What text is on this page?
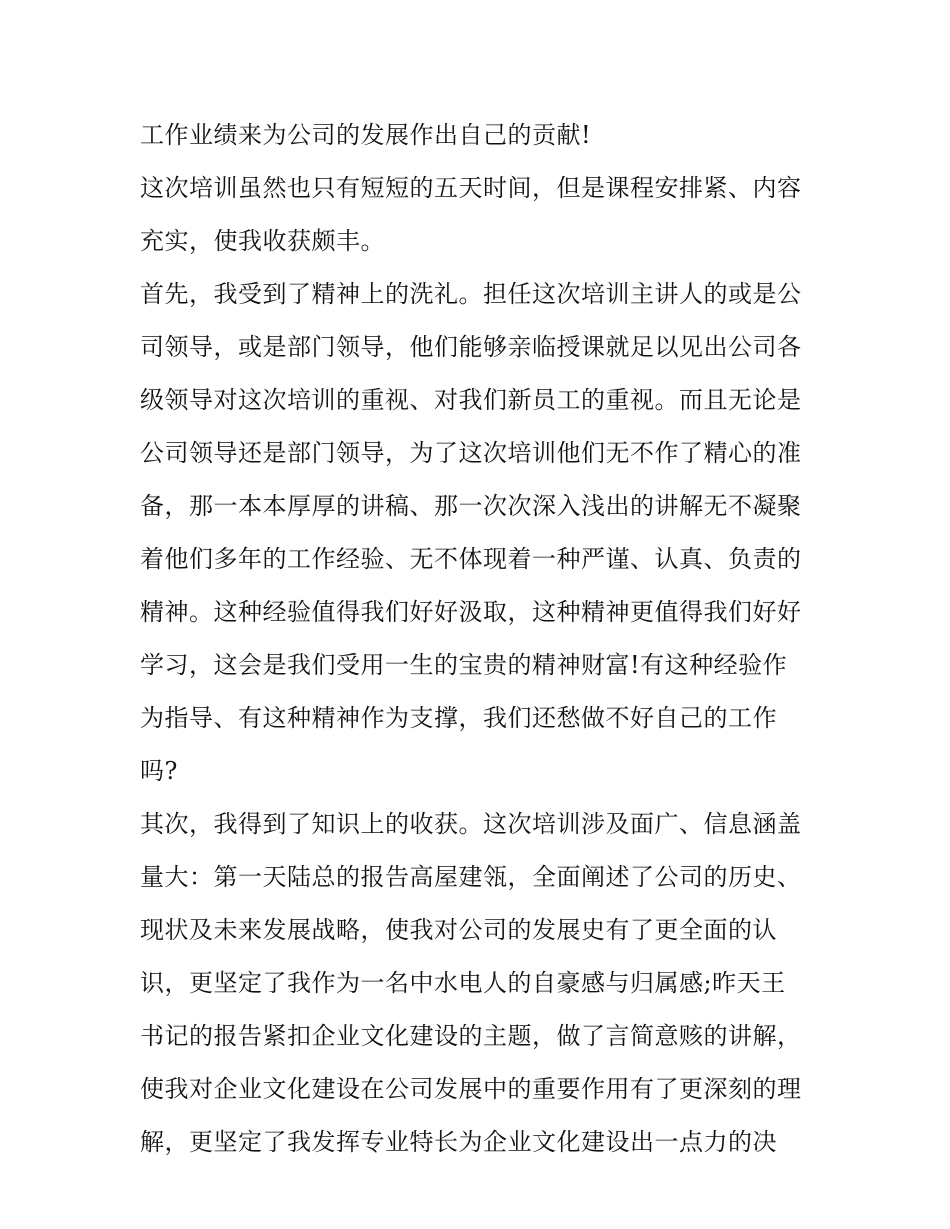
工作业绩来为公司的发展作出自己的贡献!
这次培训虽然也只有短短的五天时间，但是课程安排紧、内容
充实，使我收获颇丰。
首先，我受到了精神上的洗礼。担任这次培训主讲人的或是公
司领导，或是部门领导，他们能够亲临授课就足以见出公司各
级领导对这次培训的重视、对我们新员工的重视。而且无论是
公司领导还是部门领导，为了这次培训他们无不作了精心的准
备，那一本本厚厚的讲稿、那一次次深入浅出的讲解无不凝聚
着他们多年的工作经验、无不体现着一种严谨、认真、负责的
精神。这种经验值得我们好好汲取，这种精神更值得我们好好
学习，这会是我们受用一生的宝贵的精神财富!有这种经验作
为指导、有这种精神作为支撑，我们还愁做不好自己的工作
吗?
其次，我得到了知识上的收获。这次培训涉及面广、信息涵盖
量大：第一天陆总的报告高屋建瓴，全面阐述了公司的历史、
现状及未来发展战略，使我对公司的发展史有了更全面的认
识，更坚定了我作为一名中水电人的自豪感与归属感;昨天王
书记的报告紧扣企业文化建设的主题，做了言简意赅的讲解，
使我对企业文化建设在公司发展中的重要作用有了更深刻的理
解，更坚定了我发挥专业特长为企业文化建设出一点力的决
